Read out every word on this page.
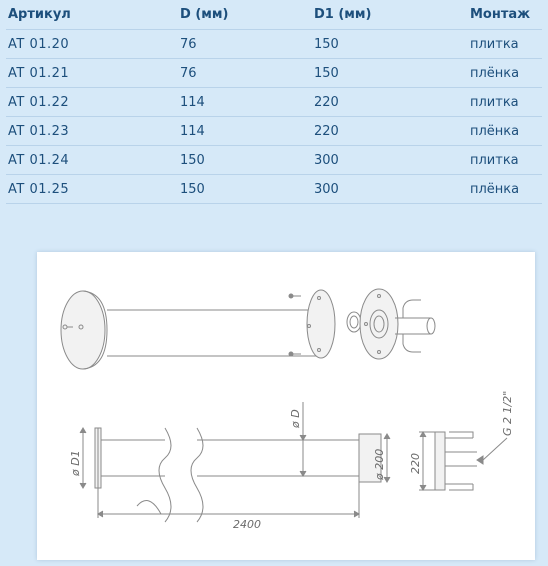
Артикул	D (мм)	D1 (мм)	Монтаж
AT 01.20	76	150	плитка
AT 01.21	76	150	плёнка
AT 01.22	114	220	плитка
AT 01.23	114	220	плёнка
AT 01.24	150	300	плитка
AT 01.25	150	300	плёнка
ø D1
ø D
ø 200 220
G 2 1/2"
2400
